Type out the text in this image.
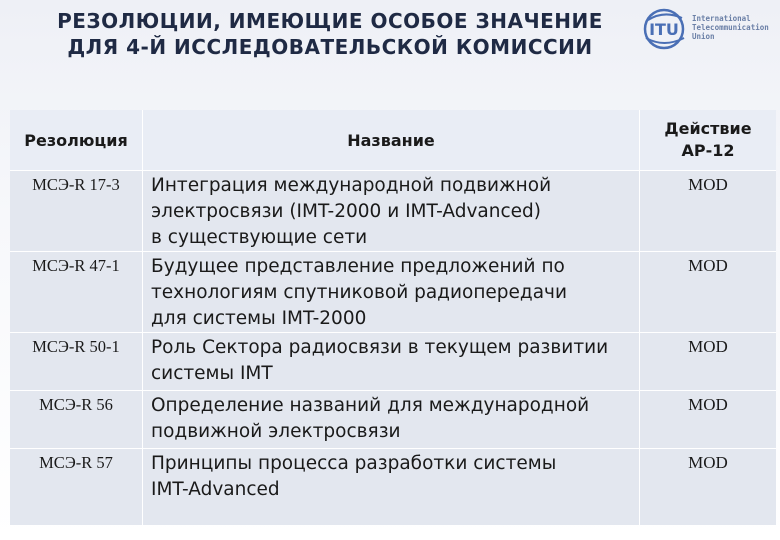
РЕЗОЛЮЦИИ, ИМЕЮЩИЕ ОСОБОЕ ЗНАЧЕНИЕ
ДЛЯ 4-Й ИССЛЕДОВАТЕЛЬСКОЙ КОМИССИИ
ITU
International
Telecommunication
Union
Резолюция	Название	Действие
АР-12

МСЭ-R 17-3	Интеграция международной подвижной
электросвязи (IMT-2000 и IMT-Advanced)
в существующие сети	MOD

МСЭ-R 47-1	Будущее представление предложений по
технологиям спутниковой радиопередачи
для системы IMT-2000	MOD

МСЭ-R 50-1	Роль Сектора радиосвязи в текущем развитии
системы IMT	MOD

МСЭ-R 56	Определение названий для международной
подвижной электросвязи	MOD

МСЭ-R 57	Принципы процесса разработки системы
IMT-Advanced	MOD
